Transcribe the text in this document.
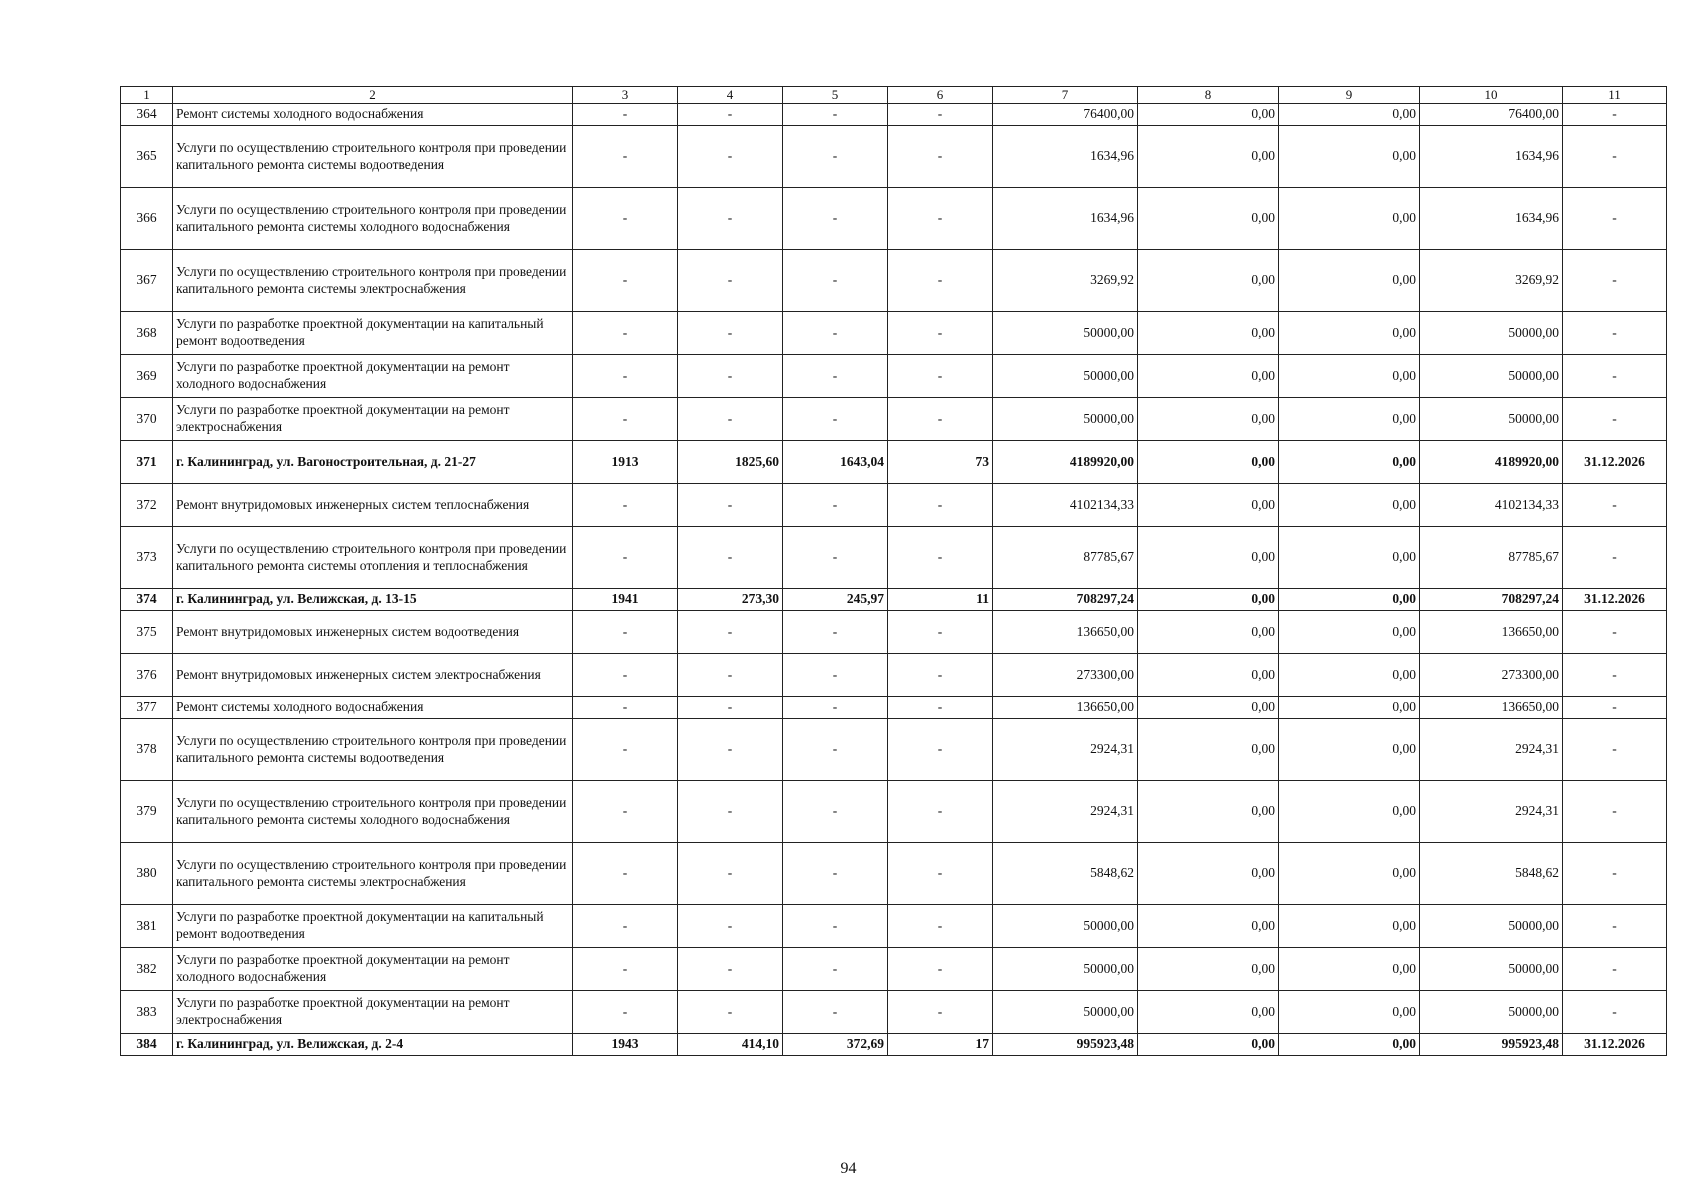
1	2	3	4	5	6	7	8	9	10	11
364	Ремонт системы холодного водоснабжения	-	-	-	-	76400,00	0,00	0,00	76400,00	-
365	Услуги по осуществлению строительного контроля при проведении капитального ремонта системы водоотведения	-	-	-	-	1634,96	0,00	0,00	1634,96	-
366	Услуги по осуществлению строительного контроля при проведении капитального ремонта системы холодного водоснабжения	-	-	-	-	1634,96	0,00	0,00	1634,96	-
367	Услуги по осуществлению строительного контроля при проведении капитального ремонта системы электроснабжения	-	-	-	-	3269,92	0,00	0,00	3269,92	-
368	Услуги по разработке проектной документации на капитальный ремонт водоотведения	-	-	-	-	50000,00	0,00	0,00	50000,00	-
369	Услуги по разработке проектной документации на ремонт холодного водоснабжения	-	-	-	-	50000,00	0,00	0,00	50000,00	-
370	Услуги по разработке проектной документации на ремонт электроснабжения	-	-	-	-	50000,00	0,00	0,00	50000,00	-
371	г. Калининград, ул. Вагоностроительная, д. 21-27	1913	1825,60	1643,04	73	4189920,00	0,00	0,00	4189920,00	31.12.2026
372	Ремонт внутридомовых инженерных систем теплоснабжения	-	-	-	-	4102134,33	0,00	0,00	4102134,33	-
373	Услуги по осуществлению строительного контроля при проведении капитального ремонта системы отопления и теплоснабжения	-	-	-	-	87785,67	0,00	0,00	87785,67	-
374	г. Калининград, ул. Велижская, д. 13-15	1941	273,30	245,97	11	708297,24	0,00	0,00	708297,24	31.12.2026
375	Ремонт внутридомовых инженерных систем водоотведения	-	-	-	-	136650,00	0,00	0,00	136650,00	-
376	Ремонт внутридомовых инженерных систем электроснабжения	-	-	-	-	273300,00	0,00	0,00	273300,00	-
377	Ремонт системы холодного водоснабжения	-	-	-	-	136650,00	0,00	0,00	136650,00	-
378	Услуги по осуществлению строительного контроля при проведении капитального ремонта системы водоотведения	-	-	-	-	2924,31	0,00	0,00	2924,31	-
379	Услуги по осуществлению строительного контроля при проведении капитального ремонта системы холодного водоснабжения	-	-	-	-	2924,31	0,00	0,00	2924,31	-
380	Услуги по осуществлению строительного контроля при проведении капитального ремонта системы электроснабжения	-	-	-	-	5848,62	0,00	0,00	5848,62	-
381	Услуги по разработке проектной документации на капитальный ремонт водоотведения	-	-	-	-	50000,00	0,00	0,00	50000,00	-
382	Услуги по разработке проектной документации на ремонт холодного водоснабжения	-	-	-	-	50000,00	0,00	0,00	50000,00	-
383	Услуги по разработке проектной документации на ремонт электроснабжения	-	-	-	-	50000,00	0,00	0,00	50000,00	-
384	г. Калининград, ул. Велижская, д. 2-4	1943	414,10	372,69	17	995923,48	0,00	0,00	995923,48	31.12.2026
94
